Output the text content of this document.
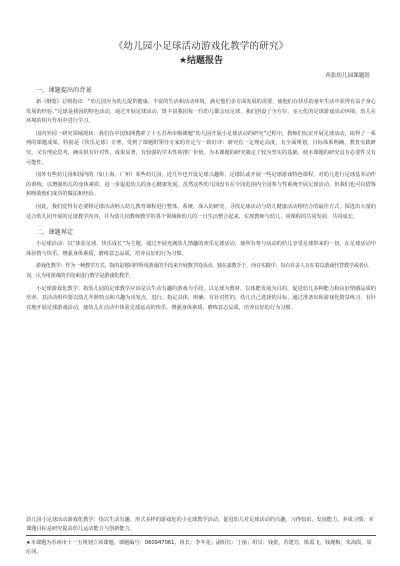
《幼儿园小足球活动游戏化教学的研究》
★结题报告
西张幼儿园课题组
一、课题提出的背景

新《纲要》总则指出：“幼儿园应为幼儿提供健康、丰富的生活和活动环境，满足他们多方面发展的需要，使他们在快乐的童年生活中获得有益于身心发展的经验。”足球是我园的特色活动，通过开展足球活动，既丰富我园每一位幼儿都会玩足球，我们创设了全方位、多元化的足球游戏活动环境，幼儿在环境的相互作用中进行学习。

国内外同一研究领域现状：我们在中国知网搜索了十五苏州市级课题“幼儿园开展小足球活动的研究”过程中，教师们玩实开展足球活动，取得了一系列的课题成果，特别是《快乐足球》专著，受到了课题组领导专家的肯定与一致好评：研究有一定理论高度，有全面规划，目标体系明确，教育实践研究，又有理论思考，确实很有针对性，成果显著，有较强的学术性和推广价值。为本课题的研究奠定了较为坚实的基础，使本课题的研究具有必要性又有可能性。

国外有些幼儿园和国内的（如上海、广州）某些幼儿园，近几年也开设足球兴趣班、足球队或开展一些足球游戏特色课程，对幼儿进行足球基本动作的训练，以增强幼儿的身体素质，进一步促进幼儿的身心健康发展。虽然这些幼儿园没有在全园范围内全园参与性系统开展足球活动，但我们也可以借鉴和吸收他们成功的做法和经验。

因此，我们觉得有必要将足球活动纳入幼儿教育课程进行整体、系统、深入的研究，寻找足球活动与幼儿健康活动相结合的最佳方式，探选出大量的适合幼儿园开展的足球教学内容，并为幼儿园教师教学的各个领域和幼儿的一日生活整合起来，实现教师与幼儿、同课程的共同发展、共同成长。

二、课题界定

小足球活动：以“体验足球，快乐成长”为主题，通过开展充满幼儿情趣的欢乐足球活动，使所有参与活动的幼儿享受足球带来的一切。在足球活动中体验情与快乐，增强身体素质，磨练意志品质，培养良好的行为习惯。

游戏化教学：作为一种教学方式，指的是将同样所用游戏的手段来开展教学的活动。独在嘉教手于，而在实践中，每有许多人存在着以游戏代替教学或者认误，认为用游戏的手段来进行教学是游戏化教学。

小足球游戏化教学：指幼儿园的足球教学应该是以生动有趣的游戏为手段，以足球为教材，以体能发展为目的，促进幼儿多种能力和良好情感品质的培养。其活动组织要以幼儿年龄特点和兴趣为出发点，进行、指定具体、明确、有针对性的，幼儿自己选择的目标，通过准备出和游戏化情景练习，有针对地开展足球游戏活动，使幼儿在活动中体验足球运动的快乐，增强身体素质，磨练意志品质，培养良好的行为习惯。

幼儿园小足球活动游戏化教学：指以生动有趣、形式多样的游戏化的小足球教学活动，促进幼儿对足球活动的兴趣，习得知识，发展能力，养成习惯；本课题目标是研究提高幼儿运动能力与创新能力。
★本课题为苏州市十一五规划立项课题，课题编号：060947061，组长：李冬花；副组长：丁丽；组员：钱蕾，苏建芳，陈霞飞，钱瑾梅，朱海霞，周沁冈。
